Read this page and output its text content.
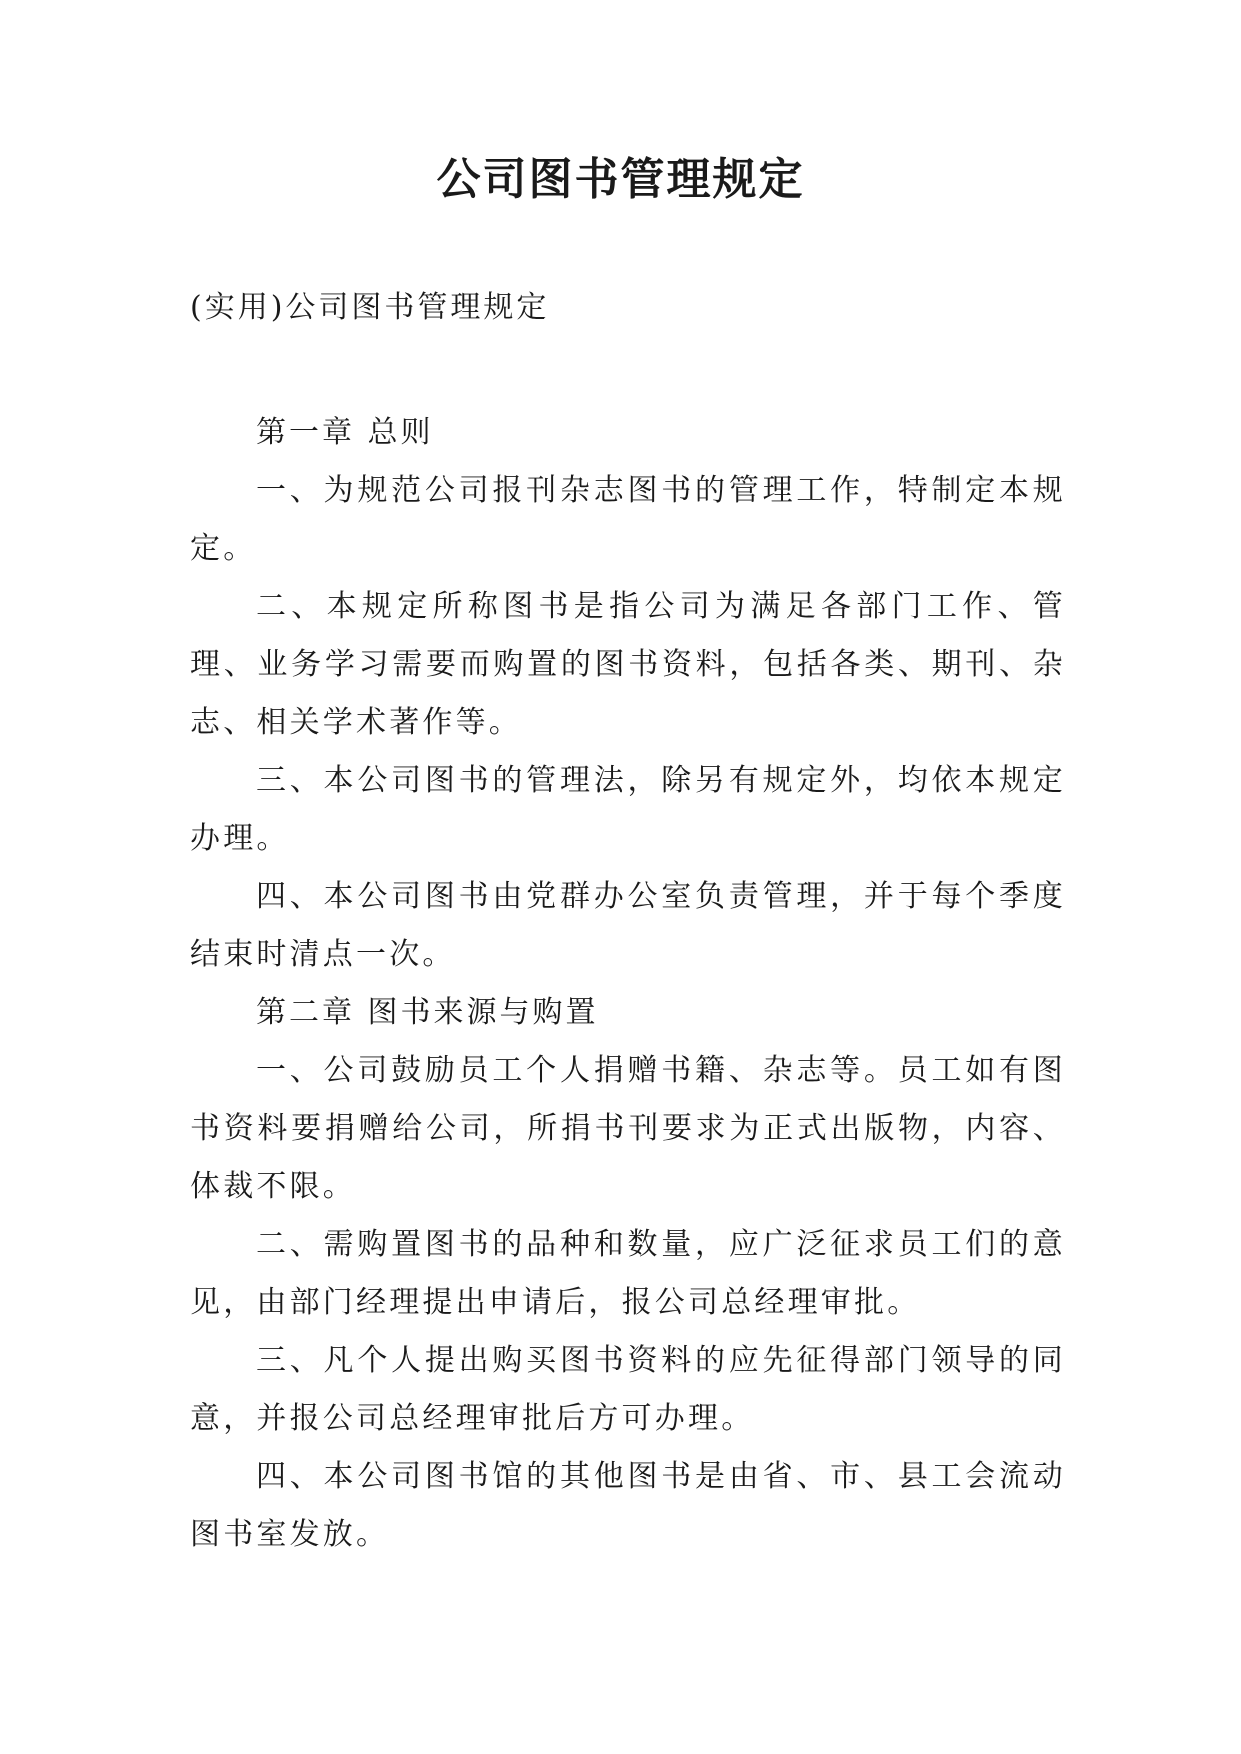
公司图书管理规定

(实用)公司图书管理规定

第一章 总则

一、为规范公司报刊杂志图书的管理工作，特制定本规定。

二、本规定所称图书是指公司为满足各部门工作、管理、业务学习需要而购置的图书资料，包括各类、期刊、杂志、相关学术著作等。

三、本公司图书的管理法，除另有规定外，均依本规定办理。

四、本公司图书由党群办公室负责管理，并于每个季度结束时清点一次。

第二章 图书来源与购置

一、公司鼓励员工个人捐赠书籍、杂志等。员工如有图书资料要捐赠给公司，所捐书刊要求为正式出版物，内容、体裁不限。

二、需购置图书的品种和数量，应广泛征求员工们的意见，由部门经理提出申请后，报公司总经理审批。

三、凡个人提出购买图书资料的应先征得部门领导的同意，并报公司总经理审批后方可办理。

四、本公司图书馆的其他图书是由省、市、县工会流动图书室发放。
